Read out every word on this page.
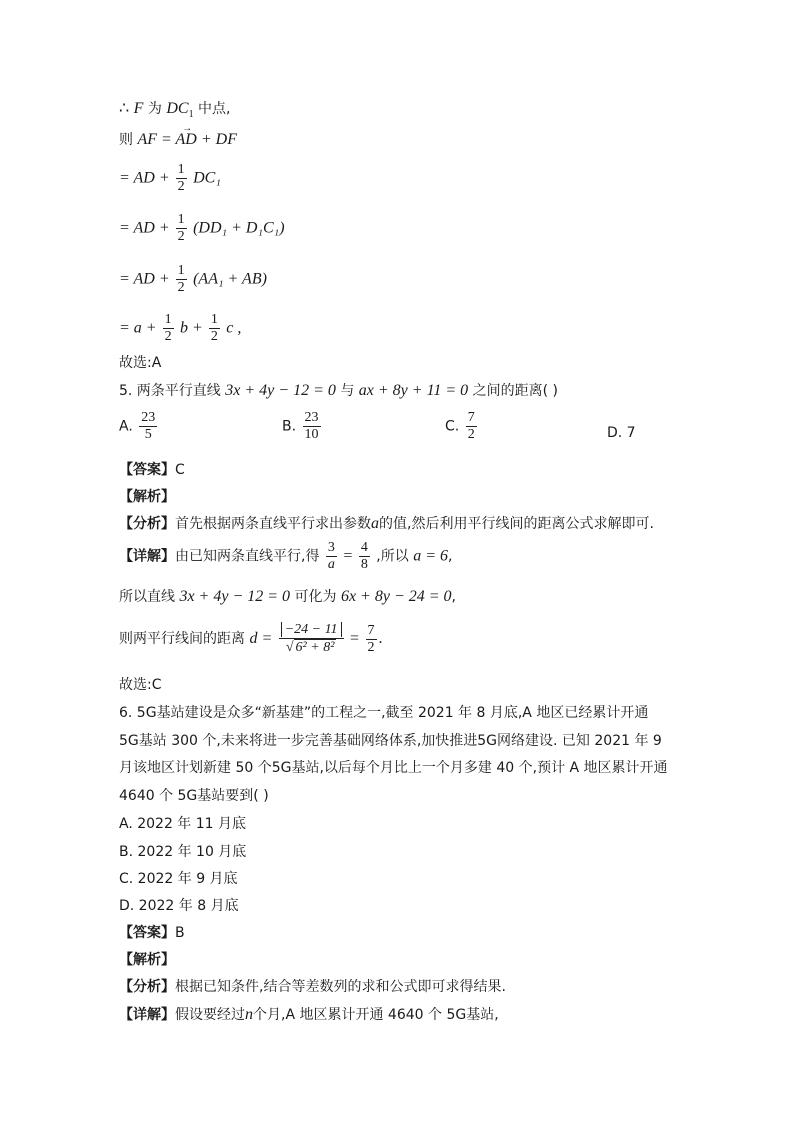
∴ F 为 $DC_1$ 中点,
则 → AF = AD + DF
= AD + $\frac{1}{2} DC_1$
= AD + $\frac{1}{2} (DD_1 + D_1C_1)$
= AD + $\frac{1}{2} (AA_1 + AB)$
= $a + \frac{1}{2}$ $b + \frac{1}{2}$ c ,
故选:A
5. 两条平行直线 3x + 4y − 12 = 0 与 ax + 8y + 11 = 0 之间的距离( )
A. $\frac{23}{5}$	B. $\frac{23}{10}$	C. $\frac{7}{2}$	D. 7
【答案】C
【解析】
【分析】首先根据两条直线平行求出参数a的值,然后利用平行线间的距离公式求解即可.
【详解】由已知两条直线平行,得 $\frac{3}{a} = \frac{4}{8}$ ,所以 a = 6,
所以直线 3x + 4y − 12 = 0 可化为 6x + 8y − 24 = 0,
则两平行线间的距离 $d = \frac{-24 - 11}{\text{√ 6² + 8²}} = \frac{7}{2}$ .
故选:C
6. 5G基站建设是众多“新基建”的工程之一,截至 2021 年 8 月底,A 地区已经累计开通
5G基站 300 个,未来将进一步完善基础网络体系,加快推进5G网络建设. 已知 2021 年 9
月该地区计划新建 50 个5G基站,以后每个月比上一个月多建 40 个,预计 A 地区累计开通
4640 个 5G基站要到( )
A. 2022 年 11 月底
B. 2022 年 10 月底
C. 2022 年 9 月底
D. 2022 年 8 月底
【答案】B
【解析】
【分析】根据已知条件,结合等差数列的求和公式即可求得结果.
【详解】假设要经过n个月,A 地区累计开通 4640 个 5G基站,
